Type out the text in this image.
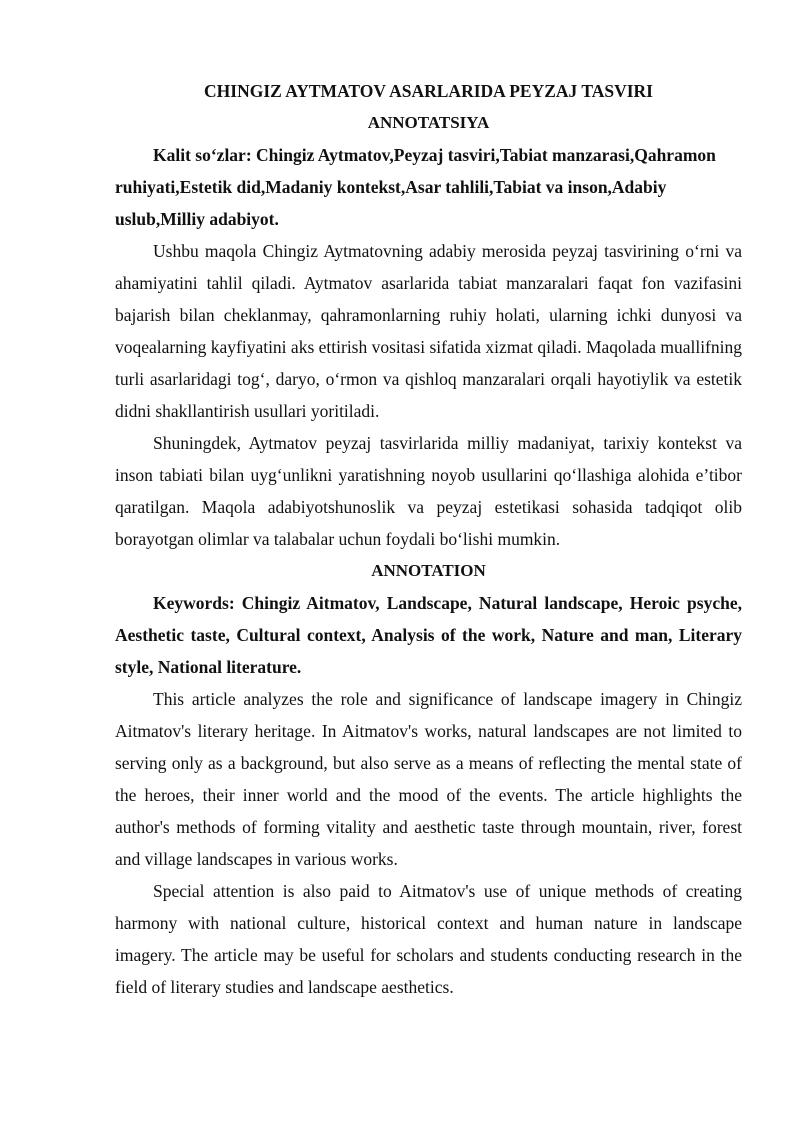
CHINGIZ AYTMATOV ASARLARIDA PEYZAJ TASVIRI
ANNOTATSIYA

Kalit so‘zlar: Chingiz Aytmatov,Peyzaj tasviri,Tabiat manzarasi,Qahramon ruhiyati,Estetik did,Madaniy kontekst,Asar tahlili,Tabiat va inson,Adabiy uslub,Milliy adabiyot.

Ushbu maqola Chingiz Aytmatovning adabiy merosida peyzaj tasvirining o‘rni va ahamiyatini tahlil qiladi. Aytmatov asarlarida tabiat manzaralari faqat fon vazifasini bajarish bilan cheklanmay, qahramonlarning ruhiy holati, ularning ichki dunyosi va voqealarning kayfiyatini aks ettirish vositasi sifatida xizmat qiladi. Maqolada muallifning turli asarlaridagi tog‘, daryo, o‘rmon va qishloq manzaralari orqali hayotiylik va estetik didni shakllantirish usullari yoritiladi.

Shuningdek, Aytmatov peyzaj tasvirlarida milliy madaniyat, tarixiy kontekst va inson tabiati bilan uyg‘unlikni yaratishning noyob usullarini qo‘llashiga alohida e’tibor qaratilgan. Maqola adabiyotshunoslik va peyzaj estetikasi sohasida tadqiqot olib borayotgan olimlar va talabalar uchun foydali bo‘lishi mumkin.

ANNOTATION

Keywords: Chingiz Aitmatov, Landscape, Natural landscape, Heroic psyche, Aesthetic taste, Cultural context, Analysis of the work, Nature and man, Literary style, National literature.

This article analyzes the role and significance of landscape imagery in Chingiz Aitmatov's literary heritage. In Aitmatov's works, natural landscapes are not limited to serving only as a background, but also serve as a means of reflecting the mental state of the heroes, their inner world and the mood of the events. The article highlights the author's methods of forming vitality and aesthetic taste through mountain, river, forest and village landscapes in various works.

Special attention is also paid to Aitmatov's use of unique methods of creating harmony with national culture, historical context and human nature in landscape imagery. The article may be useful for scholars and students conducting research in the field of literary studies and landscape aesthetics.
